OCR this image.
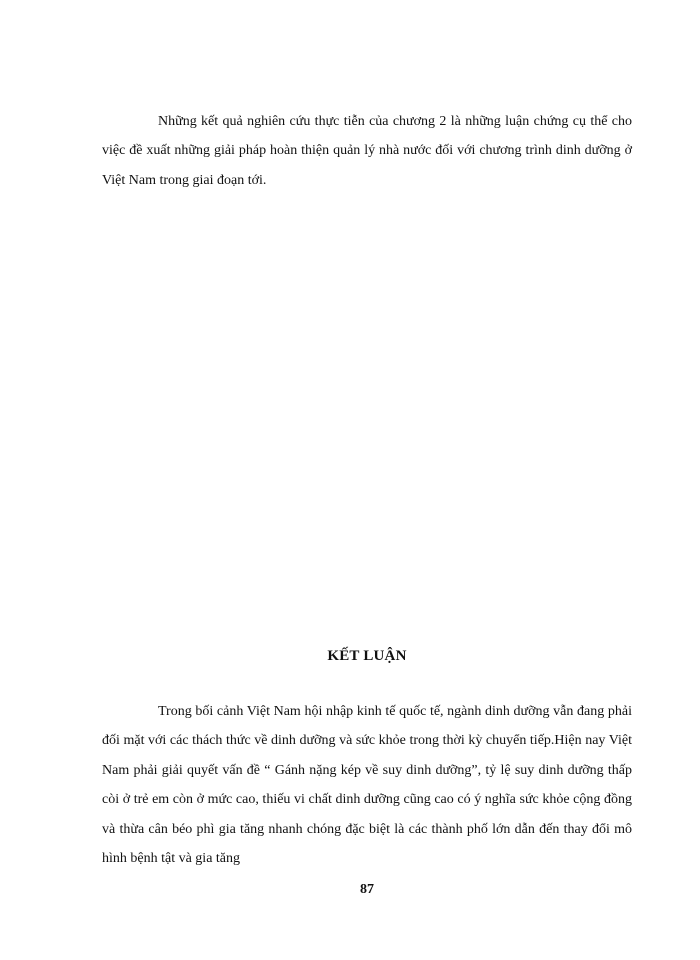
Những kết quả nghiên cứu thực tiễn của chương 2 là những luận chứng cụ thể cho việc đề xuất những giải pháp hoàn thiện quản lý nhà nước đối với chương trình dinh dưỡng ở Việt Nam trong giai đoạn tới.

KẾT LUẬN

Trong bối cảnh Việt Nam hội nhập kinh tế quốc tế, ngành dinh dưỡng vẫn đang phải đối mặt với các thách thức về dinh dưỡng và sức khỏe trong thời kỳ chuyển tiếp.Hiện nay Việt Nam phải giải quyết vấn đề “ Gánh nặng kép về suy dinh dưỡng”, tỷ lệ suy dinh dưỡng thấp còi ở trẻ em còn ở mức cao, thiếu vi chất dinh dưỡng cũng cao có ý nghĩa sức khỏe cộng đồng và thừa cân béo phì gia tăng nhanh chóng đặc biệt là các thành phố lớn dẫn đến thay đổi mô hình bệnh tật và gia tăng

87
